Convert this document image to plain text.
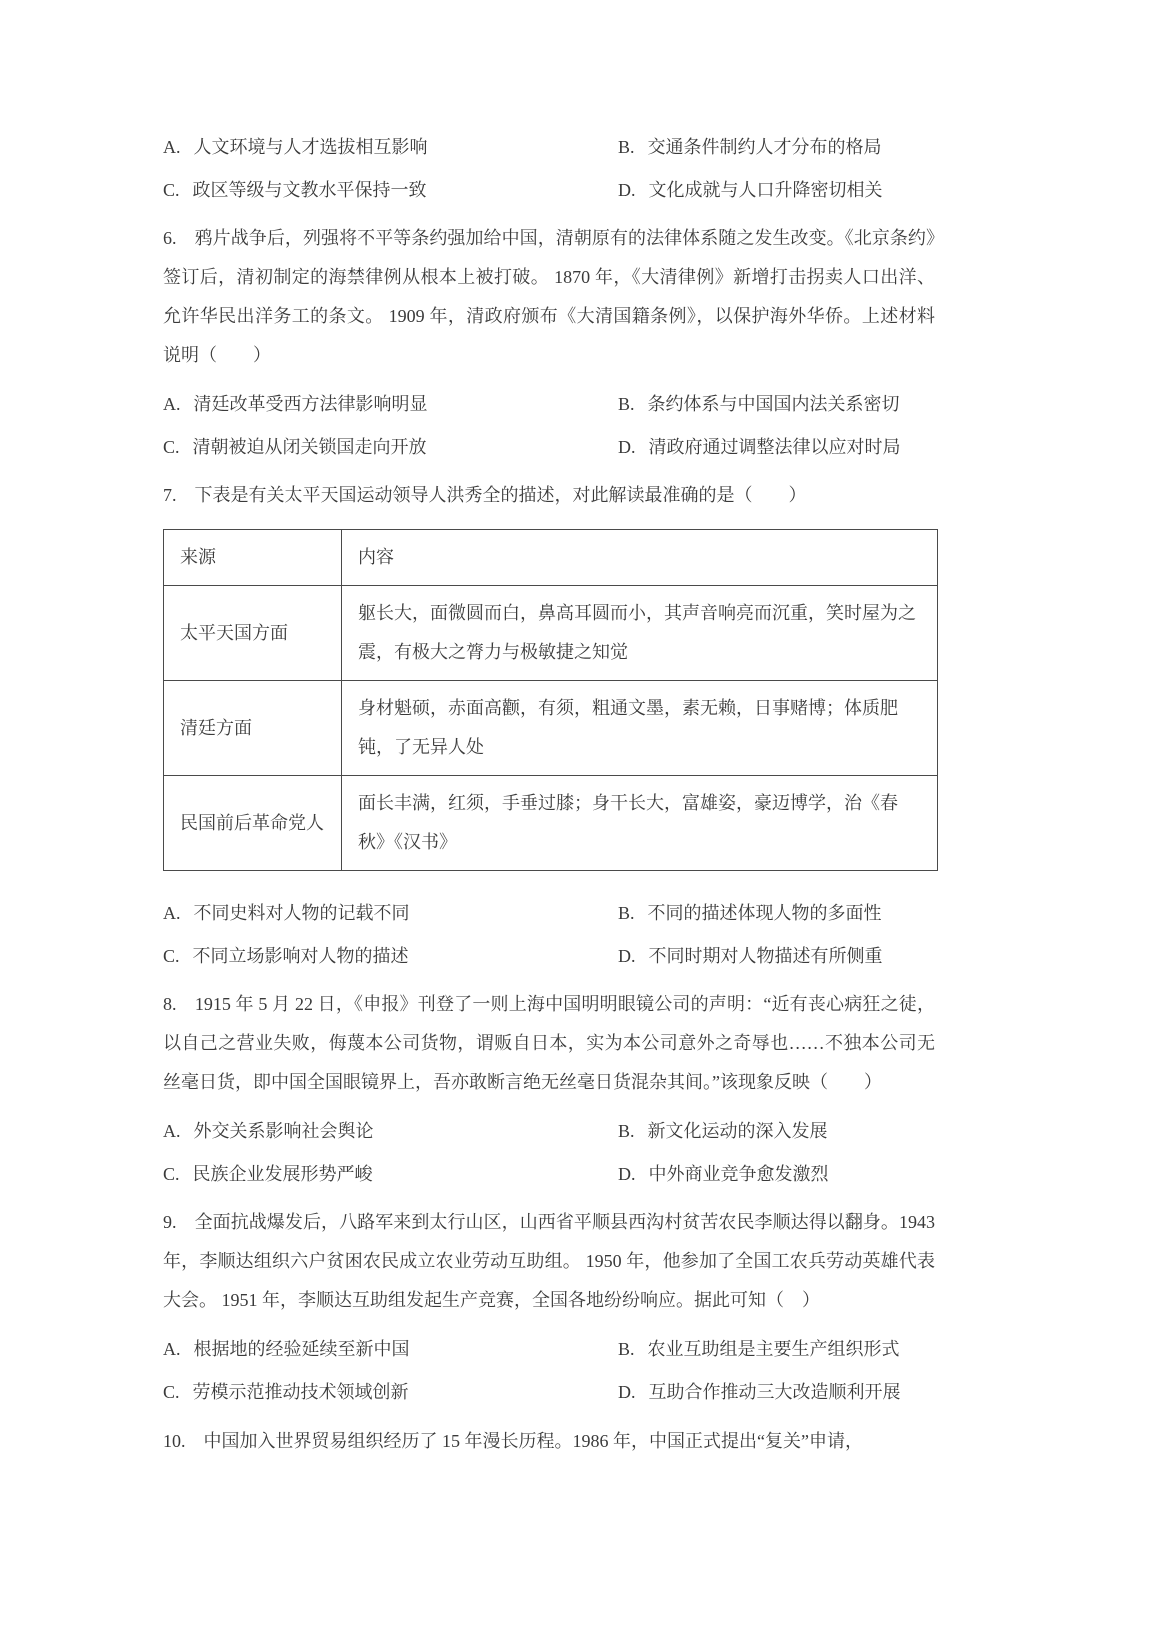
A. 人文环境与人才选拔相互影响	B. 交通条件制约人才分布的格局
C. 政区等级与文教水平保持一致	D. 文化成就与人口升降密切相关

6.　鸦片战争后，列强将不平等条约强加给中国，清朝原有的法律体系随之发生改变。《北京条约》签订后，清初制定的海禁律例从根本上被打破。 1870 年，《大清律例》新增打击拐卖人口出洋、允许华民出洋务工的条文。 1909 年，清政府颁布《大清国籍条例》，以保护海外华侨。上述材料说明（　　）

A. 清廷改革受西方法律影响明显	B. 条约体系与中国国内法关系密切
C. 清朝被迫从闭关锁国走向开放	D. 清政府通过调整法律以应对时局

7.　下表是有关太平天国运动领导人洪秀全的描述，对此解读最准确的是（　　）

来源	内容
太平天国方面	躯长大，面微圆而白，鼻高耳圆而小，其声音响亮而沉重，笑时屋为之震，有极大之膂力与极敏捷之知觉
清廷方面	身材魁硕，赤面高颧，有须，粗通文墨，素无赖，日事赌博；体质肥钝，了无异人处
民国前后革命党人	面长丰满，红须，手垂过膝；身干长大，富雄姿，豪迈博学，治《春秋》《汉书》
A. 不同史料对人物的记载不同	B. 不同的描述体现人物的多面性
C. 不同立场影响对人物的描述	D. 不同时期对人物描述有所侧重

8.　1915 年 5 月 22 日，《申报》刊登了一则上海中国明明眼镜公司的声明：“近有丧心病狂之徒，以自己之营业失败，侮蔑本公司货物，谓贩自日本，实为本公司意外之奇辱也……不独本公司无丝毫日货，即中国全国眼镜界上，吾亦敢断言绝无丝毫日货混杂其间。”该现象反映（　　）

A. 外交关系影响社会舆论	B. 新文化运动的深入发展
C. 民族企业发展形势严峻	D. 中外商业竞争愈发激烈

9.　全面抗战爆发后，八路军来到太行山区，山西省平顺县西沟村贫苦农民李顺达得以翻身。1943 年，李顺达组织六户贫困农民成立农业劳动互助组。 1950 年，他参加了全国工农兵劳动英雄代表大会。 1951 年，李顺达互助组发起生产竞赛，全国各地纷纷响应。据此可知（　）

A. 根据地的经验延续至新中国	B. 农业互助组是主要生产组织形式
C. 劳模示范推动技术领域创新	D. 互助合作推动三大改造顺利开展

10.　中国加入世界贸易组织经历了 15 年漫长历程。1986 年，中国正式提出“复关”申请，
